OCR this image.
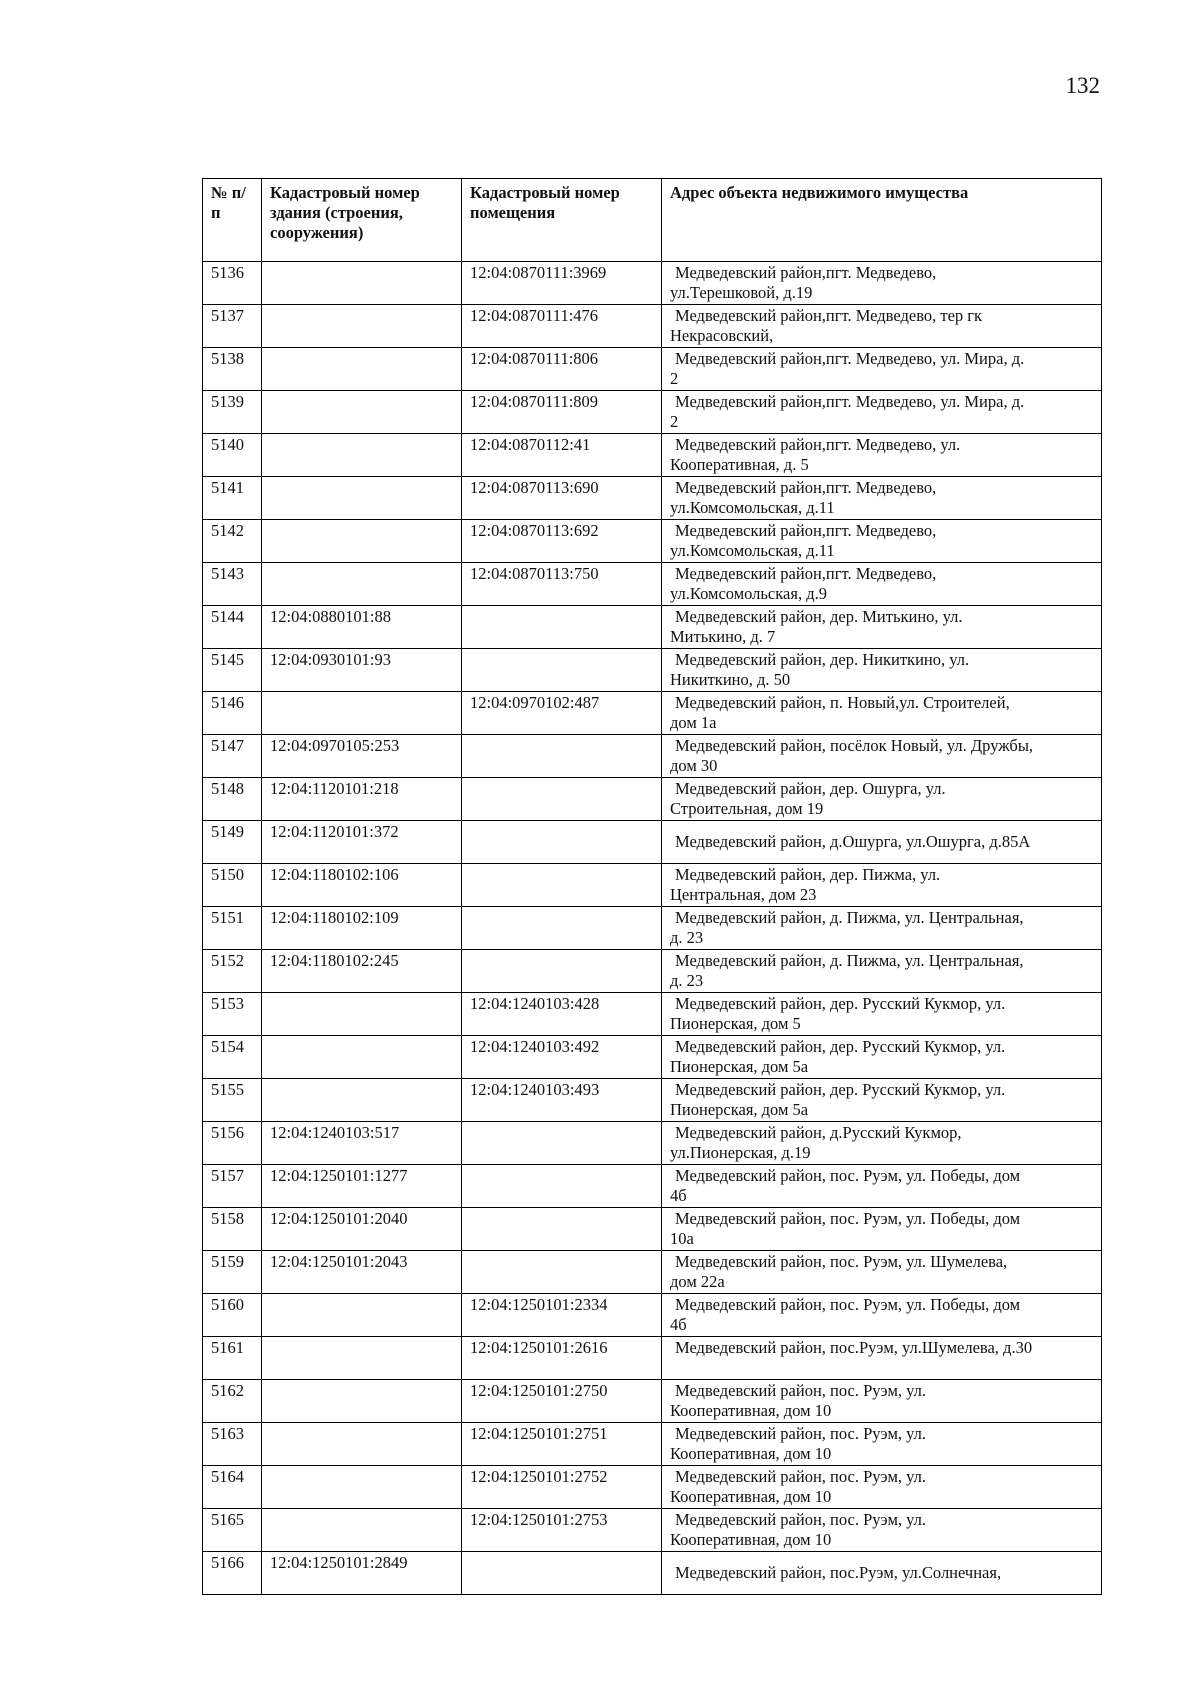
132
№ п/п	Кадастровый номер здания (строения, сооружения)	Кадастровый номер помещения	Адрес объекта недвижимого имущества
5136		12:04:0870111:3969	Медведевский район,пгт. Медведево,
ул.Терешковой, д.19

5137		12:04:0870111:476	Медведевский район,пгт. Медведево, тер гк
Некрасовский,

5138		12:04:0870111:806	Медведевский район,пгт. Медведево, ул. Мира, д.
2

5139		12:04:0870111:809	Медведевский район,пгт. Медведево, ул. Мира, д.
2

5140		12:04:0870112:41	Медведевский район,пгт. Медведево, ул.
Кооперативная, д. 5

5141		12:04:0870113:690	Медведевский район,пгт. Медведево,
ул.Комсомольская, д.11

5142		12:04:0870113:692	Медведевский район,пгт. Медведево,
ул.Комсомольская, д.11

5143		12:04:0870113:750	Медведевский район,пгт. Медведево,
ул.Комсомольская, д.9

5144	12:04:0880101:88		Медведевский район, дер. Митькино, ул.
Митькино, д. 7

5145	12:04:0930101:93		Медведевский район, дер. Никиткино, ул.
Никиткино, д. 50

5146		12:04:0970102:487	Медведевский район, п. Новый,ул. Строителей,
дом 1а

5147	12:04:0970105:253		Медведевский район, посёлок Новый, ул. Дружбы,
дом 30

5148	12:04:1120101:218		Медведевский район, дер. Ошурга, ул.
Строительная, дом 19

5149	12:04:1120101:372		Медведевский район, д.Ошурга, ул.Ошурга, д.85А

5150	12:04:1180102:106		Медведевский район, дер. Пижма, ул.
Центральная, дом 23

5151	12:04:1180102:109		Медведевский район, д. Пижма, ул. Центральная,
д. 23

5152	12:04:1180102:245		Медведевский район, д. Пижма, ул. Центральная,
д. 23

5153		12:04:1240103:428	Медведевский район, дер. Русский Кукмор, ул.
Пионерская, дом 5

5154		12:04:1240103:492	Медведевский район, дер. Русский Кукмор, ул.
Пионерская, дом 5а

5155		12:04:1240103:493	Медведевский район, дер. Русский Кукмор, ул.
Пионерская, дом 5а

5156	12:04:1240103:517		Медведевский район, д.Русский Кукмор,
ул.Пионерская, д.19

5157	12:04:1250101:1277		Медведевский район, пос. Руэм, ул. Победы, дом
4б

5158	12:04:1250101:2040		Медведевский район, пос. Руэм, ул. Победы, дом
10а

5159	12:04:1250101:2043		Медведевский район, пос. Руэм, ул. Шумелева,
дом 22а

5160		12:04:1250101:2334	Медведевский район, пос. Руэм, ул. Победы, дом
4б

5161		12:04:1250101:2616	Медведевский район, пос.Руэм, ул.Шумелева, д.30

5162		12:04:1250101:2750	Медведевский район, пос. Руэм, ул.
Кооперативная, дом 10

5163		12:04:1250101:2751	Медведевский район, пос. Руэм, ул.
Кооперативная, дом 10

5164		12:04:1250101:2752	Медведевский район, пос. Руэм, ул.
Кооперативная, дом 10

5165		12:04:1250101:2753	Медведевский район, пос. Руэм, ул.
Кооперативная, дом 10

5166	12:04:1250101:2849		Медведевский район, пос.Руэм, ул.Солнечная,
